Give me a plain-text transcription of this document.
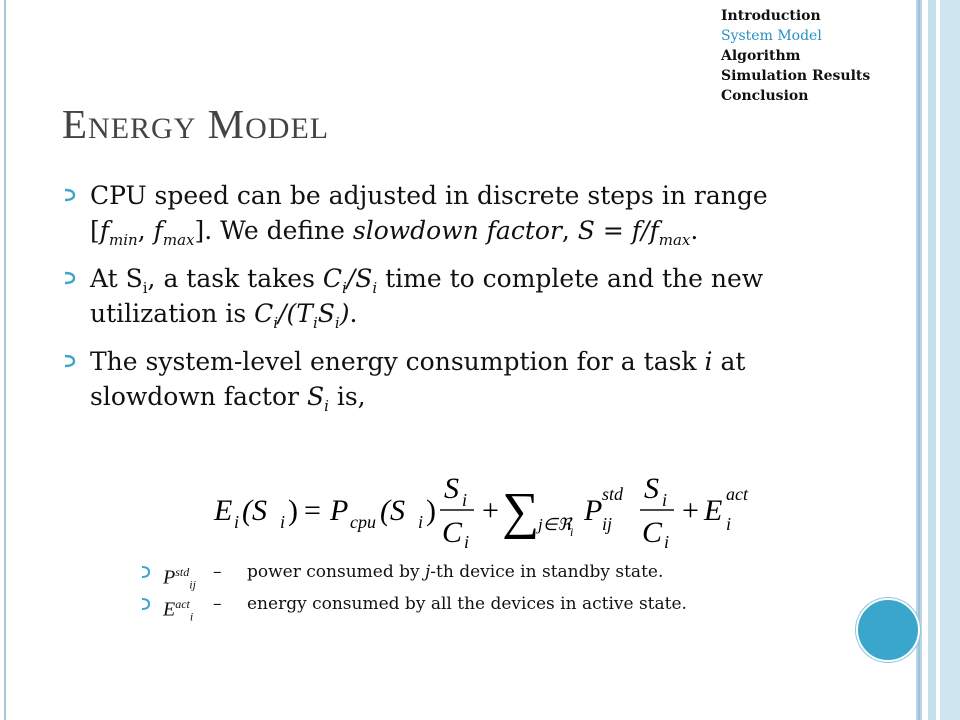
Introduction
System Model
Algorithm
Simulation Results
Conclusion
ENERGY MODEL
CPU speed can be adjusted in discrete steps in range [$f_{min}$, $f_{max}$]. We define slowdown factor, $S = f/f_{max}$.
At $S_i$, a task takes $C_i/S_i$ time to complete and the new utilization is $C_i/(T_iS_i)$.
The system-level energy consumption for a task i at slowdown factor $S_i$ is,
E i (S i ) = P cpu (S i )
S i
C i
+ ∑
j∈ℜ
i
P std
ij
S i
C i
+ E act
i
$P^{std}_{ij}$
– power consumed by j-th device in standby state.
$E^{act}_i$
– energy consumed by all the devices in active state.
